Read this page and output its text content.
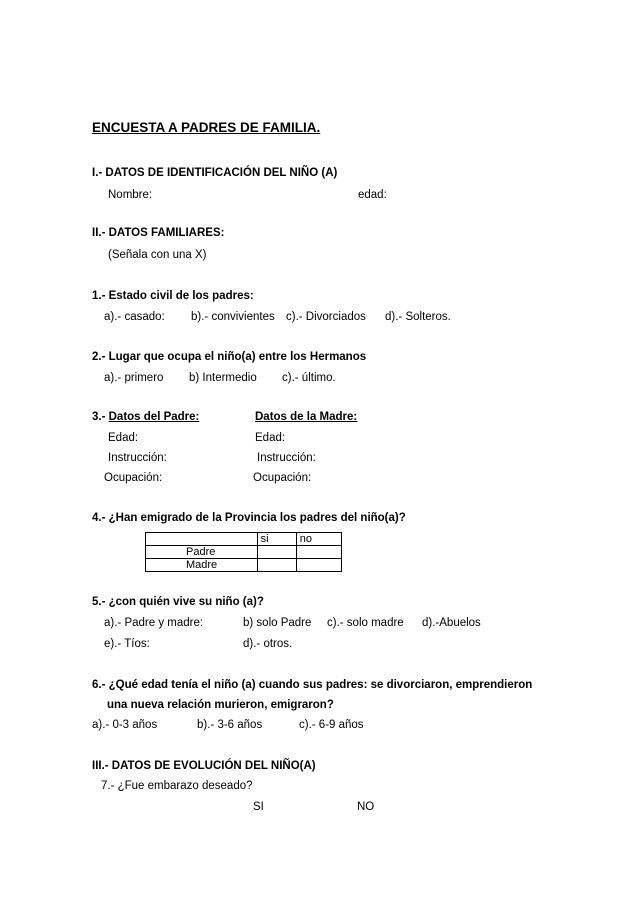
ENCUESTA A PADRES DE FAMILIA.
I.- DATOS DE IDENTIFICACIÓN DEL NIÑO (A)
Nombre:	edad:
II.- DATOS FAMILIARES:
(Señala con una X)
1.- Estado civil de los padres:
a).- casado: b).- convivientes c).- Divorciados d).- Solteros.
2.- Lugar que ocupa el niño(a) entre los Hermanos
a).- primero b) Intermedio c).- último.
3.- Datos del Padre:	Datos de la Madre:
Edad:	Edad:
Instrucción:	Instrucción:
Ocupación:	Ocupación:
4.- ¿Han emigrado de la Provincia los padres del niño(a)?
	si	no
Padre		
Madre		
5.- ¿con quién vive su niño (a)?
a).- Padre y madre:	b) solo Padre c).- solo madre d).-Abuelos
e).- Tíos:	d).- otros.
6.- ¿Qué edad tenía el niño (a) cuando sus padres: se divorciaron, emprendieron
una nueva relación murieron, emigraron?
a).- 0-3 años	b).- 3-6 años	c).- 6-9 años
III.- DATOS DE EVOLUCIÓN DEL NIÑO(A)
7.- ¿Fue embarazo deseado?
SI	NO
